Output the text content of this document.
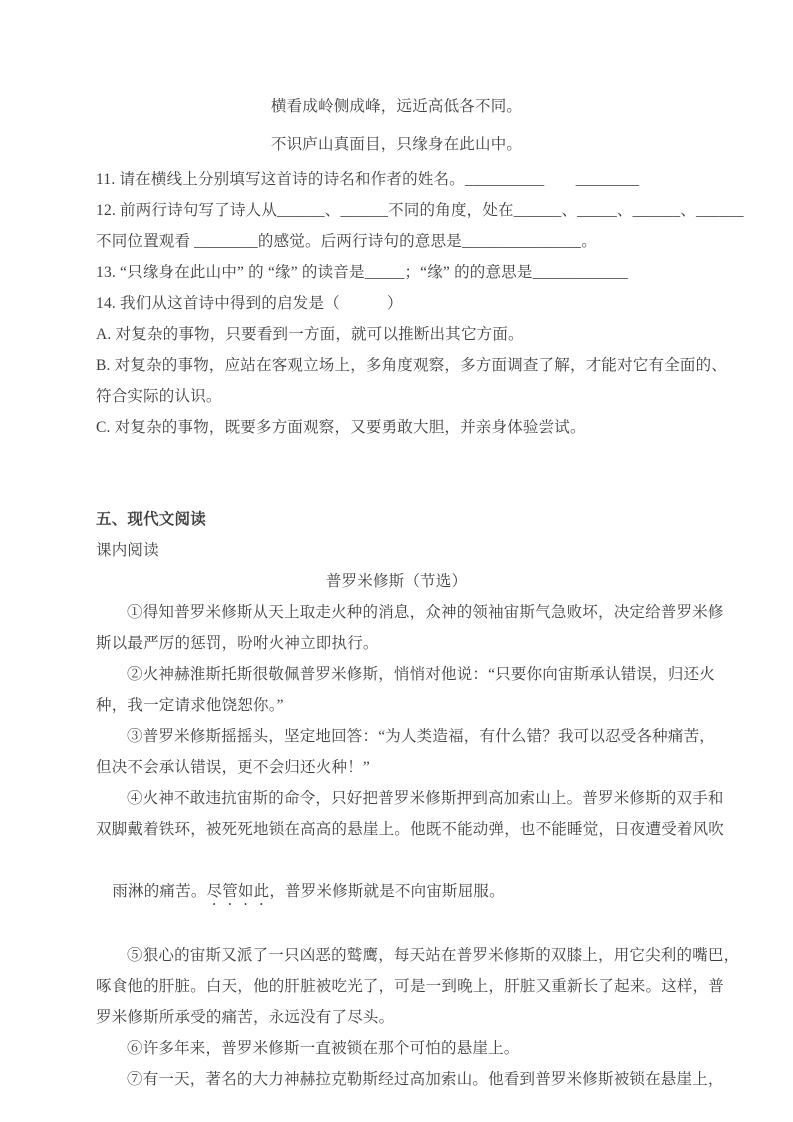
横看成岭侧成峰，远近高低各不同。
不识庐山真面目，只缘身在此山中。
11. 请在横线上分别填写这首诗的诗名和作者的姓名。__________　　________
12. 前两行诗句写了诗人从______、______不同的角度，处在______、_____、______、______
不同位置观看 ________的感觉。后两行诗句的意思是_______________。
13. “只缘身在此山中” 的 “缘” 的读音是_____；“缘” 的的意思是____________
14. 我们从这首诗中得到的启发是（　　　）
A. 对复杂的事物，只要看到一方面，就可以推断出其它方面。
B. 对复杂的事物，应站在客观立场上，多角度观察，多方面调查了解，才能对它有全面的、
符合实际的认识。
C. 对复杂的事物，既要多方面观察，又要勇敢大胆，并亲身体验尝试。
五、现代文阅读
课内阅读
普罗米修斯（节选）
①得知普罗米修斯从天上取走火种的消息，众神的领袖宙斯气急败坏，决定给普罗米修
斯以最严厉的惩罚，吩咐火神立即执行。
②火神赫淮斯托斯很敬佩普罗米修斯，悄悄对他说：“只要你向宙斯承认错误，归还火
种，我一定请求他饶恕你。”
③普罗米修斯摇摇头，坚定地回答：“为人类造福，有什么错？我可以忍受各种痛苦，
但决不会承认错误，更不会归还火种！”
④火神不敢违抗宙斯的命令，只好把普罗米修斯押到高加索山上。普罗米修斯的双手和
双脚戴着铁环，被死死地锁在高高的悬崖上。他既不能动弹，也不能睡觉，日夜遭受着风吹

雨淋的痛苦。尽管如此，普罗米修斯就是不向宙斯屈服。

⑤狠心的宙斯又派了一只凶恶的鹫鹰，每天站在普罗米修斯的双膝上，用它尖利的嘴巴，
啄食他的肝脏。白天，他的肝脏被吃光了，可是一到晚上，肝脏又重新长了起来。这样，普
罗米修斯所承受的痛苦，永远没有了尽头。
⑥许多年来，普罗米修斯一直被锁在那个可怕的悬崖上。
⑦有一天，著名的大力神赫拉克勒斯经过高加索山。他看到普罗米修斯被锁在悬崖上，
